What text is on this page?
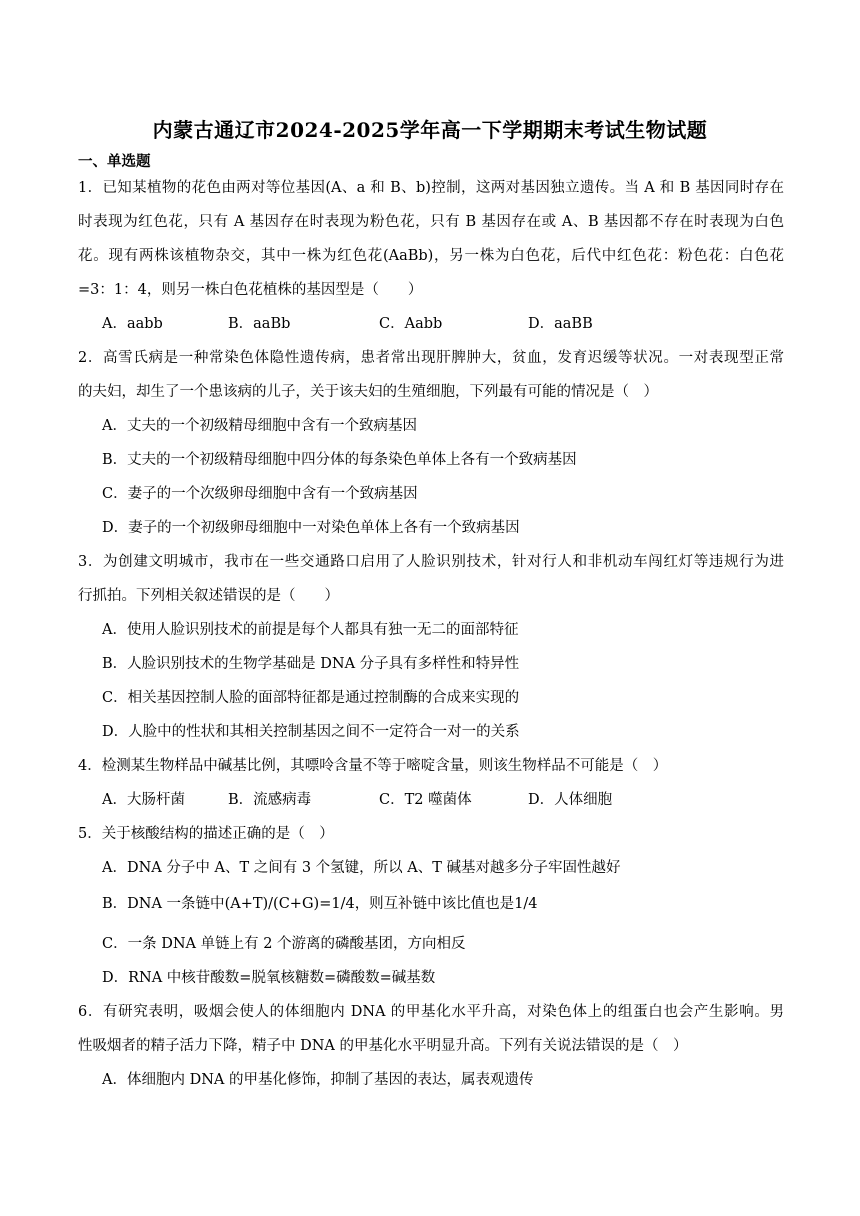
内蒙古通辽市2024-2025学年高一下学期期末考试生物试题
一、单选题
1．已知某植物的花色由两对等位基因(A、a 和 B、b)控制，这两对基因独立遗传。当 A 和 B 基因同时存在
时表现为红色花，只有 A 基因存在时表现为粉色花，只有 B 基因存在或 A、B 基因都不存在时表现为白色
花。现有两株该植物杂交，其中一株为红色花(AaBb)，另一株为白色花，后代中红色花：粉色花：白色花
=3：1：4，则另一株白色花植株的基因型是（　　）
A．aabb	B．aaBb	C．Aabb	D．aaBB
2．高雪氏病是一种常染色体隐性遗传病，患者常出现肝脾肿大，贫血，发育迟缓等状况。一对表现型正常
的夫妇，却生了一个患该病的儿子，关于该夫妇的生殖细胞，下列最有可能的情况是（　）
A．丈夫的一个初级精母细胞中含有一个致病基因
B．丈夫的一个初级精母细胞中四分体的每条染色单体上各有一个致病基因
C．妻子的一个次级卵母细胞中含有一个致病基因
D．妻子的一个初级卵母细胞中一对染色单体上各有一个致病基因
3．为创建文明城市，我市在一些交通路口启用了人脸识别技术，针对行人和非机动车闯红灯等违规行为进
行抓拍。下列相关叙述错误的是（　　）
A．使用人脸识别技术的前提是每个人都具有独一无二的面部特征
B．人脸识别技术的生物学基础是 DNA 分子具有多样性和特异性
C．相关基因控制人脸的面部特征都是通过控制酶的合成来实现的
D．人脸中的性状和其相关控制基因之间不一定符合一对一的关系
4．检测某生物样品中碱基比例，其嘌呤含量不等于嘧啶含量，则该生物样品不可能是（　）
A．大肠杆菌	B．流感病毒	C．T2 噬菌体	D．人体细胞
5．关于核酸结构的描述正确的是（　）
A．DNA 分子中 A、T 之间有 3 个氢键，所以 A、T 碱基对越多分子牢固性越好
B．DNA 一条链中(A+T)/(C+G)=1/4，则互补链中该比值也是1/4
C．一条 DNA 单链上有 2 个游离的磷酸基团，方向相反
D．RNA 中核苷酸数=脱氧核糖数=磷酸数=碱基数
6．有研究表明，吸烟会使人的体细胞内 DNA 的甲基化水平升高，对染色体上的组蛋白也会产生影响。男
性吸烟者的精子活力下降，精子中 DNA 的甲基化水平明显升高。下列有关说法错误的是（　）
A．体细胞内 DNA 的甲基化修饰，抑制了基因的表达，属表观遗传
